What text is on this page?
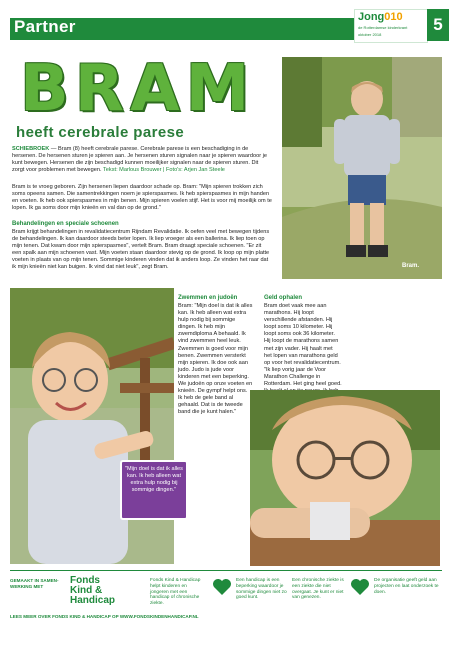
Partner	Jong010
de Rotterdamse kinderkrant
oktober 2018
5
BRAM
heeft cerebrale parese
SCHIEBROEK — Bram (8) heeft cerebrale parese. Cerebrale parese is een beschadiging in de hersenen. De hersenen sturen je spieren aan. Je hersenen sturen signalen naar je spieren waardoor je kunt bewegen. Hersenen die zijn beschadigd kunnen moeilijker signalen naar de spieren sturen. Dit zorgt voor problemen met bewegen. Tekst: Marlous Brouwer | Foto's: Arjen Jan Steele
Bram is te vroeg geboren. Zijn hersenen liepen daardoor schade op. Bram: "Mijn spieren trokken zich soms opeens samen. Die samentrekkingen noem je spierspasmes. Ik heb spierspasmes in mijn handen en voeten. Ik heb ook spierspasmes in mijn benen. Mijn spieren voelen stijf. Het is voor mij moeilijk om te lopen. Ik ga soms door mijn knieën en val dan op de grond."
Behandelingen en speciale schoenen
Bram krijgt behandelingen in revalidatiecentrum Rijndam Revalidatie. Ik oefen veel met bewegen tijdens de behandelingen. Ik kan daardoor steeds beter lopen. Ik liep vroeger als een ballerina. Ik liep toen op mijn tenen. Dat kwam door mijn spierspasmes", vertelt Bram. Bram draagt speciale schoenen. "Er zit een spalk aan mijn schoenen vast. Mijn voeten staan daardoor stevig op de grond. Ik loop op mijn platte voeten in plaats van op mijn tenen. Sommige kinderen vinden dat ik anders loop. Ze vinden het raar dat ik mijn knieën niet kan buigen. Ik vind dat niet leuk", zegt Bram.	Bram.
"Mijn doel is dat ik alles kan. Ik heb alleen wat extra hulp nodig bij sommige dingen."
Zwemmen en judoën
Bram: "Mijn doel is dat ik alles kan. Ik heb alleen wat extra hulp nodig bij sommige dingen. Ik heb mijn zwemdiploma A behaald. Ik vind zwemmen heel leuk. Zwemmen is goed voor mijn benen. Zwemmen versterkt mijn spieren. Ik doe ook aan judo. Judo is jude voor kinderen met een beperking. We judoën op onze voeten en knieën. De gympf helpt ons. Ik heb de gele band al gehaald. Dat is de tweede band die je kunt halen."
Geld ophalen
Bram doet vaak mee aan marathons. Hij loopt verschillende afstanden. Hij loopt soms 10 kilometer. Hij loopt soms ook 36 kilometer. Hij loopt de marathons samen met zijn vader. Hij haalt met het lopen van marathons geld op voor het revalidatiecentrum. "Ik liep vorig jaar de Voor Marathon Challenge in Rotterdam. Het ging heel goed.
GEMAAKT IN SAMEN-WERKING MET
Fonds
Kind &
Handicap
LEES MEER OVER FONDS KIND & HANDICAP OP WWW.FONDSKINDENHANDICAP.NL
Fonds Kind & Handicap helpt kinderen en jongeren met een handicap of chronische ziekte.
Een handicap is een beperking waardoor je sommige dingen niet zo goed kunt.
Een chronische ziekte is een ziekte die niet overgaat. Je kunt er niet van genezen.
De organisatie geeft geld aan projecten en laat onderzoek te doen.
